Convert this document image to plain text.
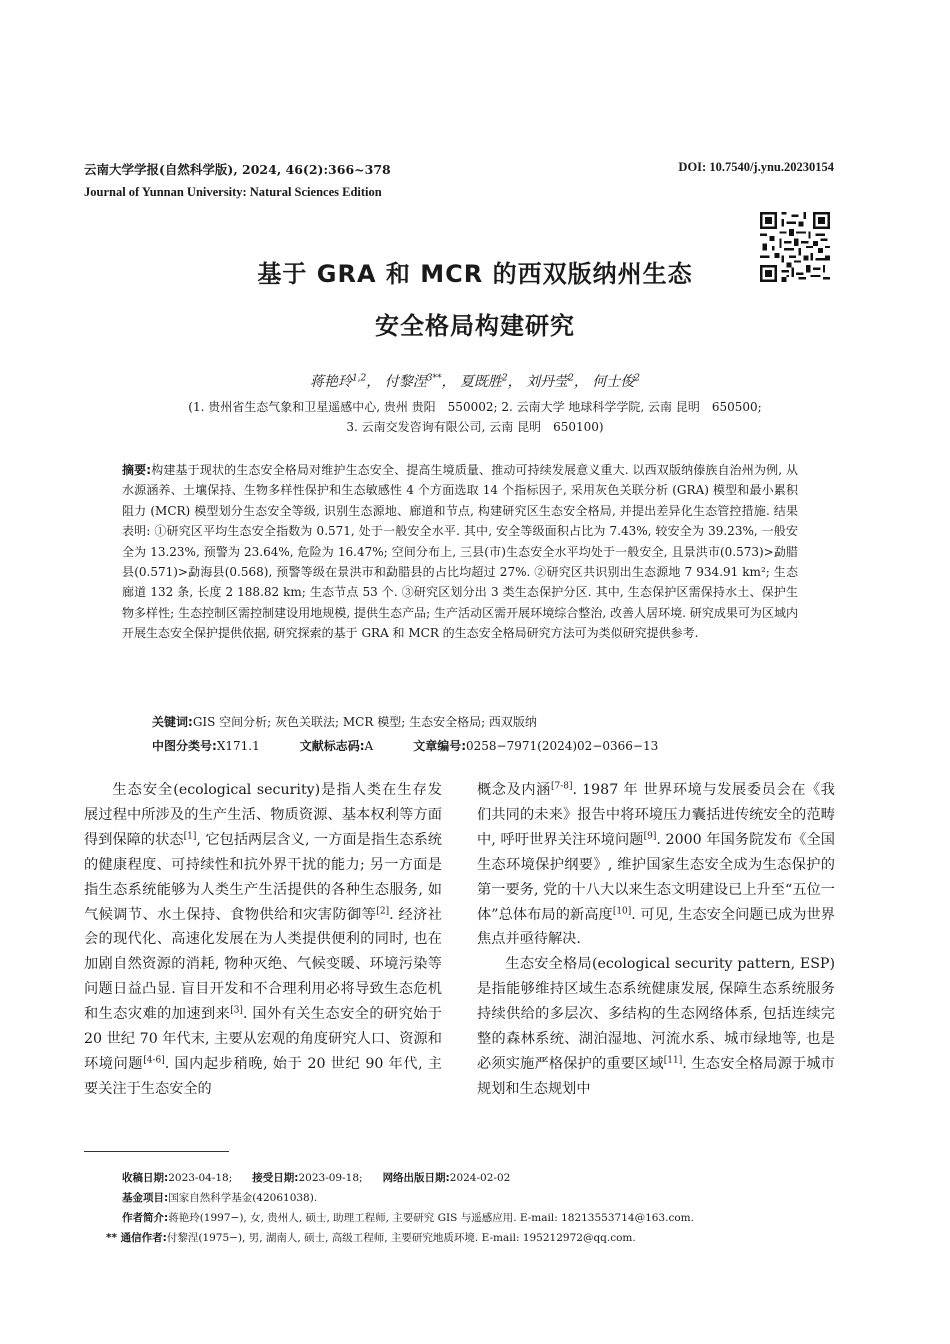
云南大学学报(自然科学版), 2024, 46(2):366~378	DOI: 10.7540/j.ynu.20230154
Journal of Yunnan University: Natural Sciences Edition
基于 GRA 和 MCR 的西双版纳州生态
安全格局构建研究
蒋艳玲$^{1,2}$， 付黎涅$^{3**}$， 夏既胜$^2$， 刘丹莹$^2$， 何士俊$^2$
(1. 贵州省生态气象和卫星遥感中心, 贵州 贵阳　550002; 2. 云南大学 地球科学学院, 云南 昆明　650500;
3. 云南交发咨询有限公司, 云南 昆明　650100)
摘要:构建基于现状的生态安全格局对维护生态安全、提高生境质量、推动可持续发展意义重大. 以西双版纳傣族自治州为例, 从水源涵养、土壤保持、生物多样性保护和生态敏感性 4 个方面选取 14 个指标因子, 采用灰色关联分析 (GRA) 模型和最小累积阻力 (MCR) 模型划分生态安全等级, 识别生态源地、廊道和节点, 构建研究区生态安全格局, 并提出差异化生态管控措施. 结果表明: ①研究区平均生态安全指数为 0.571, 处于一般安全水平. 其中, 安全等级面积占比为 7.43%, 较安全为 39.23%, 一般安全为 13.23%, 预警为 23.64%, 危险为 16.47%; 空间分布上, 三县(市)生态安全水平均处于一般安全, 且景洪市(0.573)>勐腊县(0.571)>勐海县(0.568), 预警等级在景洪市和勐腊县的占比均超过 27%. ②研究区共识别出生态源地 7 934.91 km²; 生态廊道 132 条, 长度 2 188.82 km; 生态节点 53 个. ③研究区划分出 3 类生态保护分区. 其中, 生态保护区需保持水土、保护生物多样性; 生态控制区需控制建设用地规模, 提供生态产品; 生产活动区需开展环境综合整治, 改善人居环境. 研究成果可为区域内开展生态安全保护提供依据, 研究探索的基于 GRA 和 MCR 的生态安全格局研究方法可为类似研究提供参考.
关键词:GIS 空间分析; 灰色关联法; MCR 模型; 生态安全格局; 西双版纳
中图分类号:X171.1	文献标志码:A	文章编号:0258−7971(2024)02−0366−13

生态安全(ecological security)是指人类在生存发展过程中所涉及的生产生活、物质资源、基本权利等方面得到保障的状态[1], 它包括两层含义, 一方面是指生态系统的健康程度、可持续性和抗外界干扰的能力; 另一方面是指生态系统能够为人类生产生活提供的各种生态服务, 如气候调节、水土保持、食物供给和灾害防御等[2]. 经济社会的现代化、高速化发展在为人类提供便利的同时, 也在加剧自然资源的消耗, 物种灭绝、气候变暖、环境污染等问题日益凸显. 盲目开发和不合理利用必将导致生态危机和生态灾难的加速到来[3]. 国外有关生态安全的研究始于 20 世纪 70 年代末, 主要从宏观的角度研究人口、资源和环境问题[4-6]. 国内起步稍晚, 始于 20 世纪 90 年代, 主要关注于生态安全的

概念及内涵[7-8]. 1987 年 世界环境与发展委员会在《我们共同的未来》报告中将环境压力囊括进传统安全的范畴中, 呼吁世界关注环境问题[9]. 2000 年国务院发布《全国生态环境保护纲要》, 维护国家生态安全成为生态保护的第一要务, 党的十八大以来生态文明建设已上升至“五位一体”总体布局的新高度[10]. 可见, 生态安全问题已成为世界焦点并亟待解决.

生态安全格局(ecological security pattern, ESP)是指能够维持区域生态系统健康发展, 保障生态系统服务持续供给的多层次、多结构的生态网络体系, 包括连续完整的森林系统、湖泊湿地、河流水系、城市绿地等, 也是必须实施严格保护的重要区域[11]. 生态安全格局源于城市规划和生态规划中

收稿日期:2023-04-18; 接受日期:2023-09-18; 网络出版日期:2024-02-02
基金项目:国家自然科学基金(42061038).
作者简介:蒋艳玲(1997−), 女, 贵州人, 硕士, 助理工程师, 主要研究 GIS 与遥感应用. E-mail: 18213553714@163.com.
** 通信作者:付黎涅(1975−), 男, 湖南人, 硕士, 高级工程师, 主要研究地质环境. E-mail: 195212972@qq.com.
